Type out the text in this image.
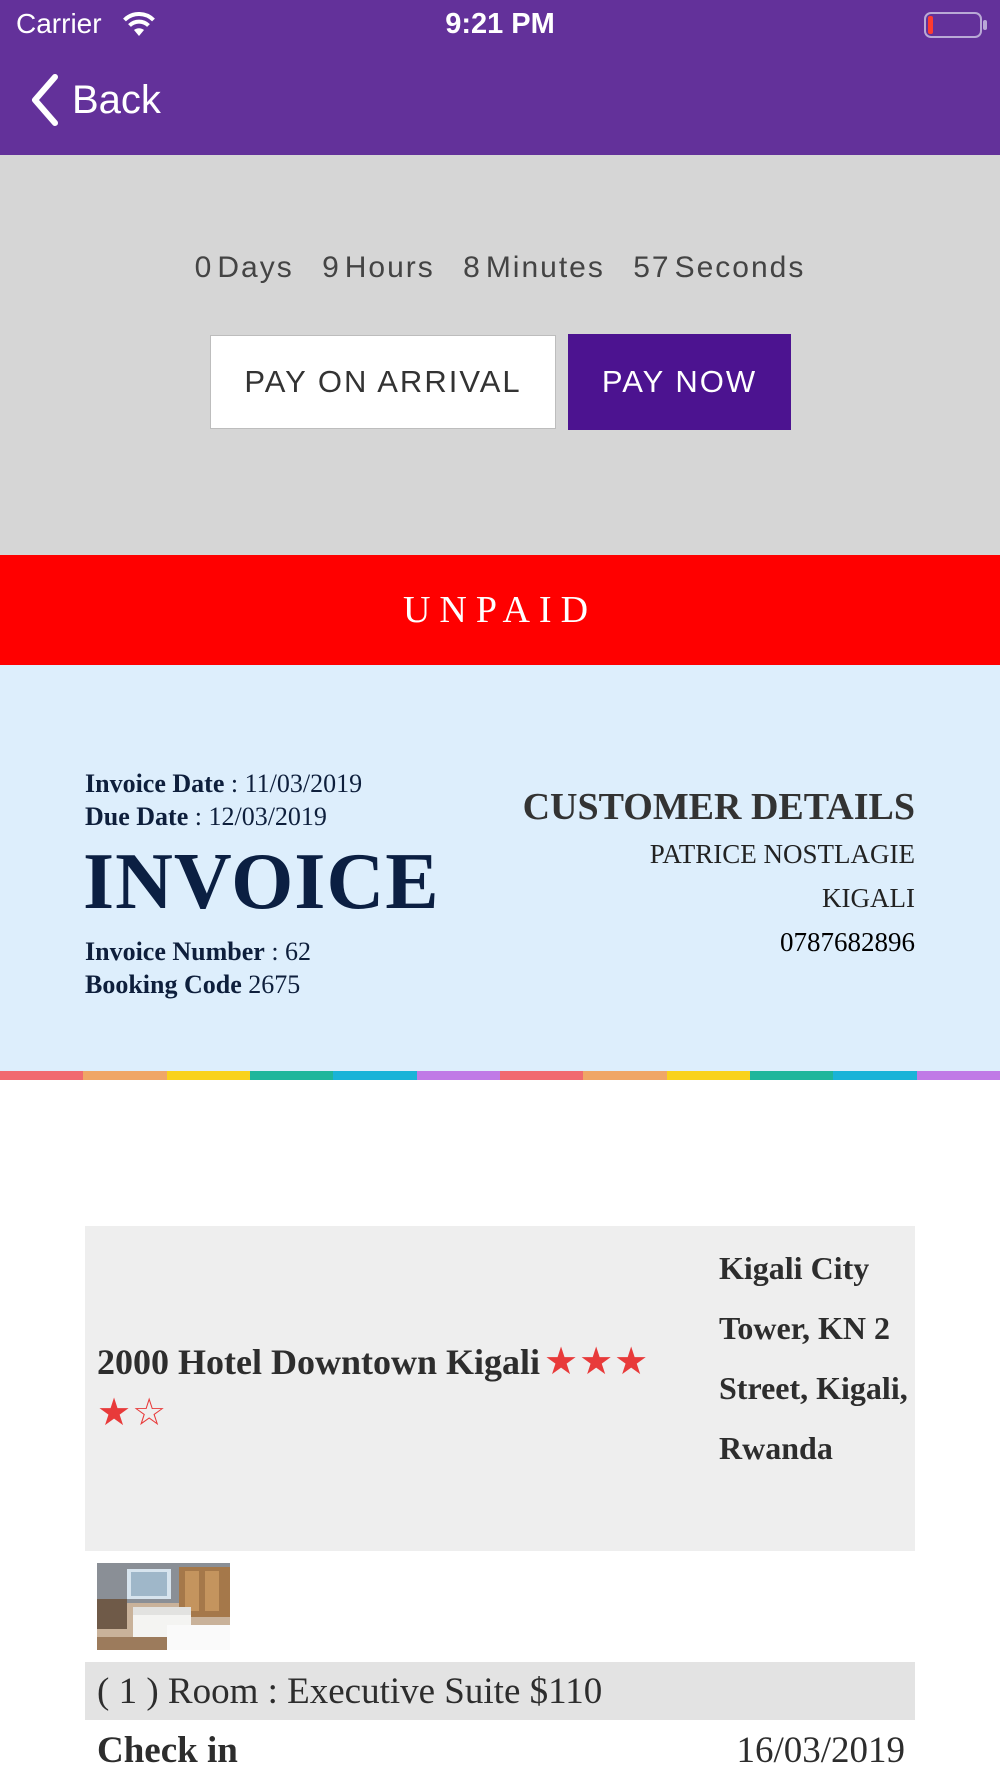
Carrier	9:21 PM
Back
0 Days 9 Hours 8 Minutes 57 Seconds
PAY ON ARRIVAL	PAY NOW
UNPAID
Invoice Date : 11/03/2019
Due Date : 12/03/2019
INVOICE
Invoice Number : 62
Booking Code 2675
CUSTOMER DETAILS
PATRICE NOSTLAGIE
KIGALI
0787682896
2000 Hotel Downtown Kigali ★★★
★☆
Kigali City Tower, KN 2 Street, Kigali, Rwanda
( 1 ) Room : Executive Suite $110
Check in	16/03/2019
